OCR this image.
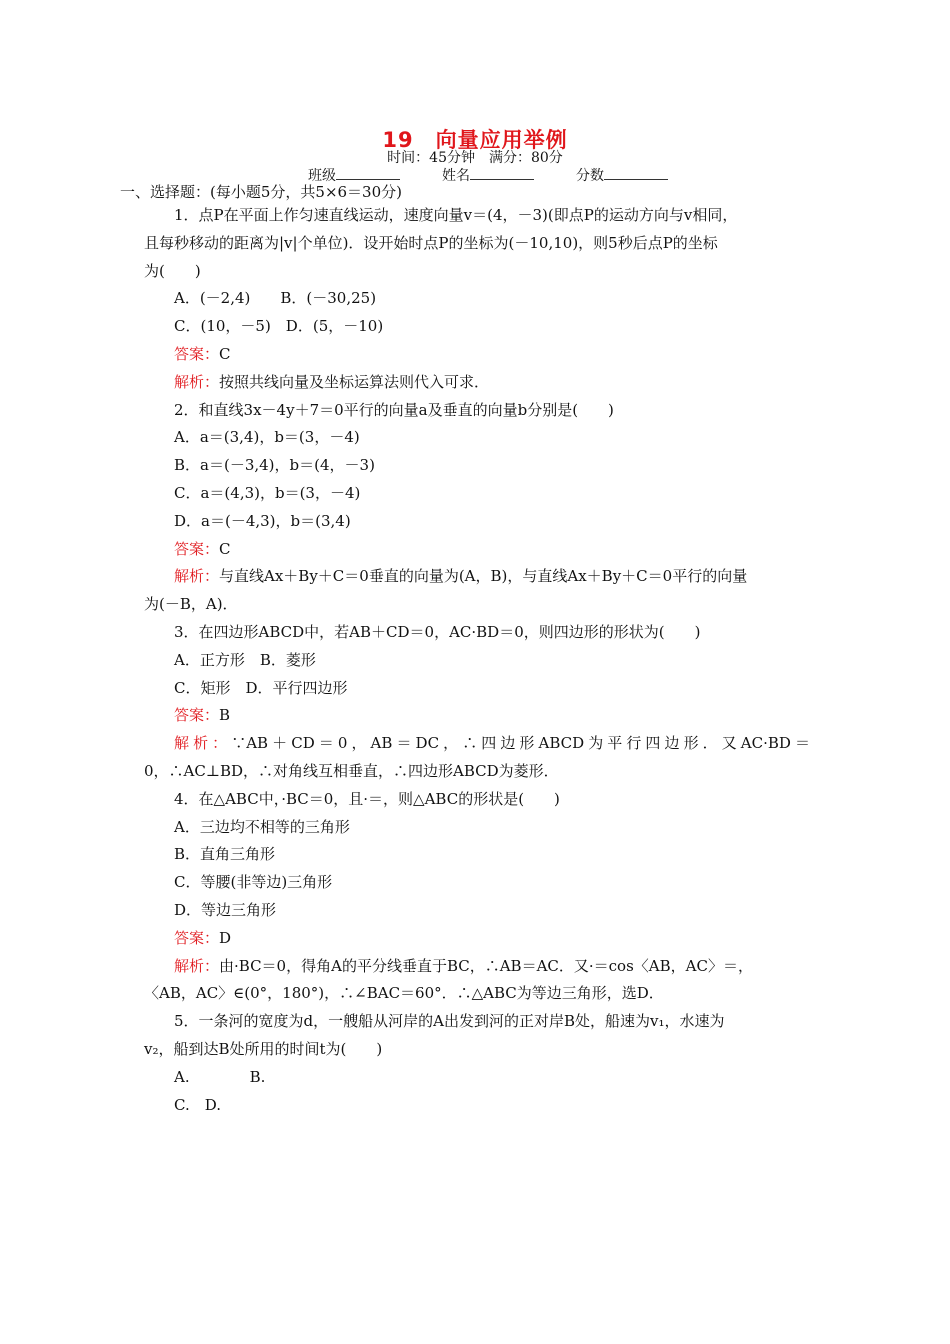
19　向量应用举例
时间：45分钟　满分：80分
班级　　　	姓名　　　	分数
一、选择题：(每小题5分，共5×6＝30分)
1．点P在平面上作匀速直线运动，速度向量v＝(4，－3)(即点P的运动方向与v相同，
且每秒移动的距离为|v|个单位)．设开始时点P的坐标为(－10,10)，则5秒后点P的坐标
为(　　)
A．(－2,4)　　B．(－30,25)
C．(10，－5)　D．(5，－10)
答案：C
解析：按照共线向量及坐标运算法则代入可求．
2．和直线3x－4y＋7＝0平行的向量a及垂直的向量b分别是(　　)
A．a＝(3,4)，b＝(3，－4)
B．a＝(－3,4)，b＝(4，－3)
C．a＝(4,3)，b＝(3，－4)
D．a＝(－4,3)，b＝(3,4)
答案：C
解析：与直线Ax＋By＋C＝0垂直的向量为(A，B)，与直线Ax＋By＋C＝0平行的向量
为(－B，A)．
3．在四边形ABCD中，若AB＋CD＝0，AC·BD＝0，则四边形的形状为(　　)
A．正方形　B．菱形
C．矩形　D．平行四边形
答案：B
解析：∵AB＋CD＝0，AB＝DC，∴四边形ABCD为平行四边形．又AC·BD＝
0，∴AC⊥BD，∴对角线互相垂直，∴四边形ABCD为菱形．
4．在△ABC中，·BC＝0，且·＝，则△ABC的形状是(　　)
A．三边均不相等的三角形
B．直角三角形
C．等腰(非等边)三角形
D．等边三角形
答案：D
解析：由·BC＝0，得角A的平分线垂直于BC，∴AB＝AC．又·＝cos〈AB，AC〉＝，
〈AB，AC〉∈(0°，180°)，∴∠BAC＝60°．∴△ABC为等边三角形，选D．
5．一条河的宽度为d，一艘船从河岸的A出发到河的正对岸B处，船速为v₁，水速为
v₂，船到达B处所用的时间t为(　　)
A.　　　　B.
C.　D.
